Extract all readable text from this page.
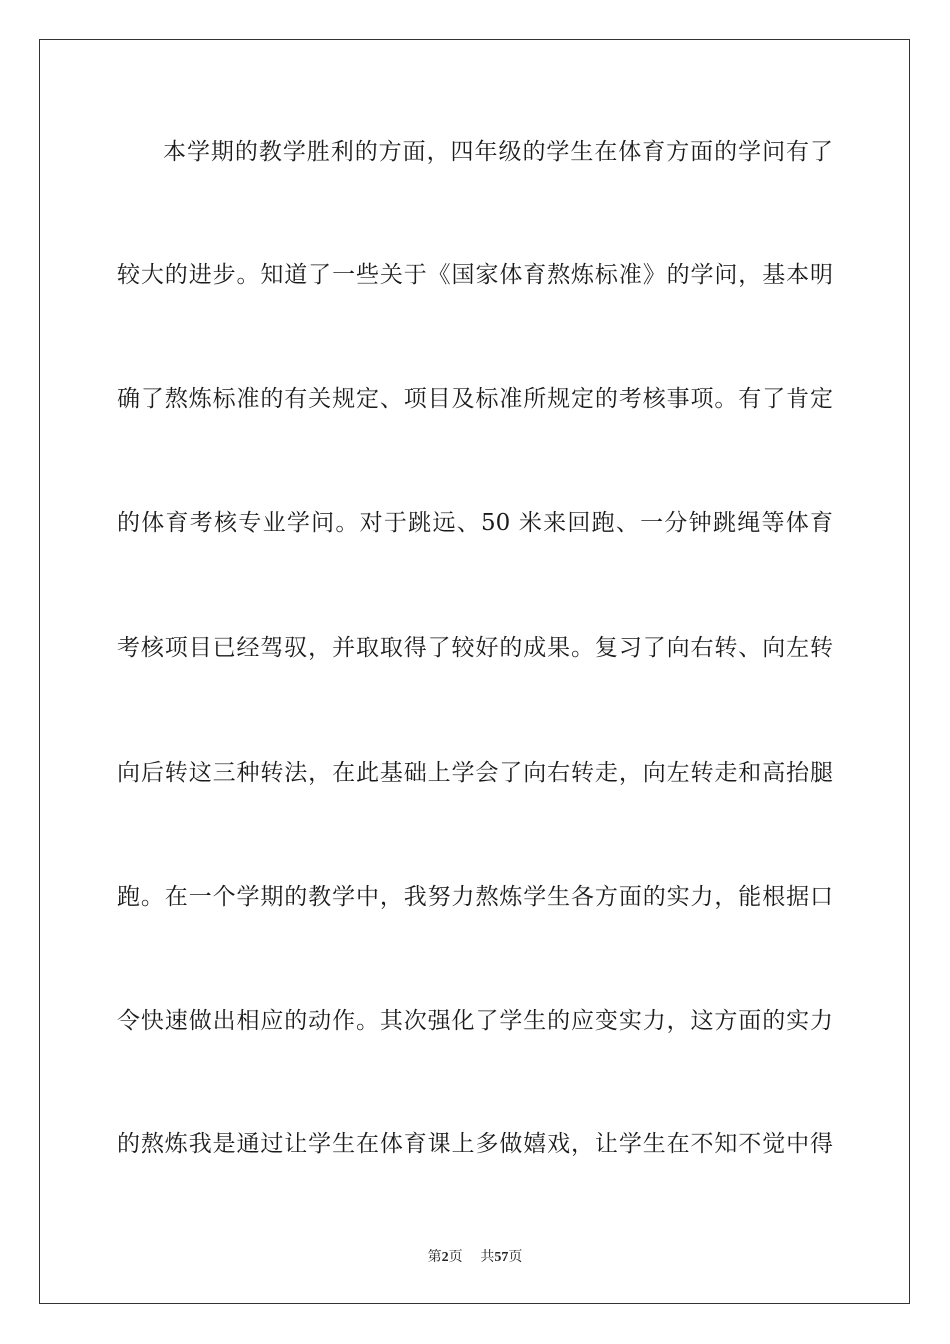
本学期的教学胜利的方面，四年级的学生在体育方面的学问有了
较大的进步。知道了一些关于《国家体育熬炼标准》的学问，基本明
确了熬炼标准的有关规定、项目及标准所规定的考核事项。有了肯定
的体育考核专业学问。对于跳远、50 米来回跑、一分钟跳绳等体育
考核项目已经驾驭，并取取得了较好的成果。复习了向右转、向左转
向后转这三种转法，在此基础上学会了向右转走，向左转走和高抬腿
跑。在一个学期的教学中，我努力熬炼学生各方面的实力，能根据口
令快速做出相应的动作。其次强化了学生的应变实力，这方面的实力
的熬炼我是通过让学生在体育课上多做嬉戏，让学生在不知不觉中得
第2页 共57页
